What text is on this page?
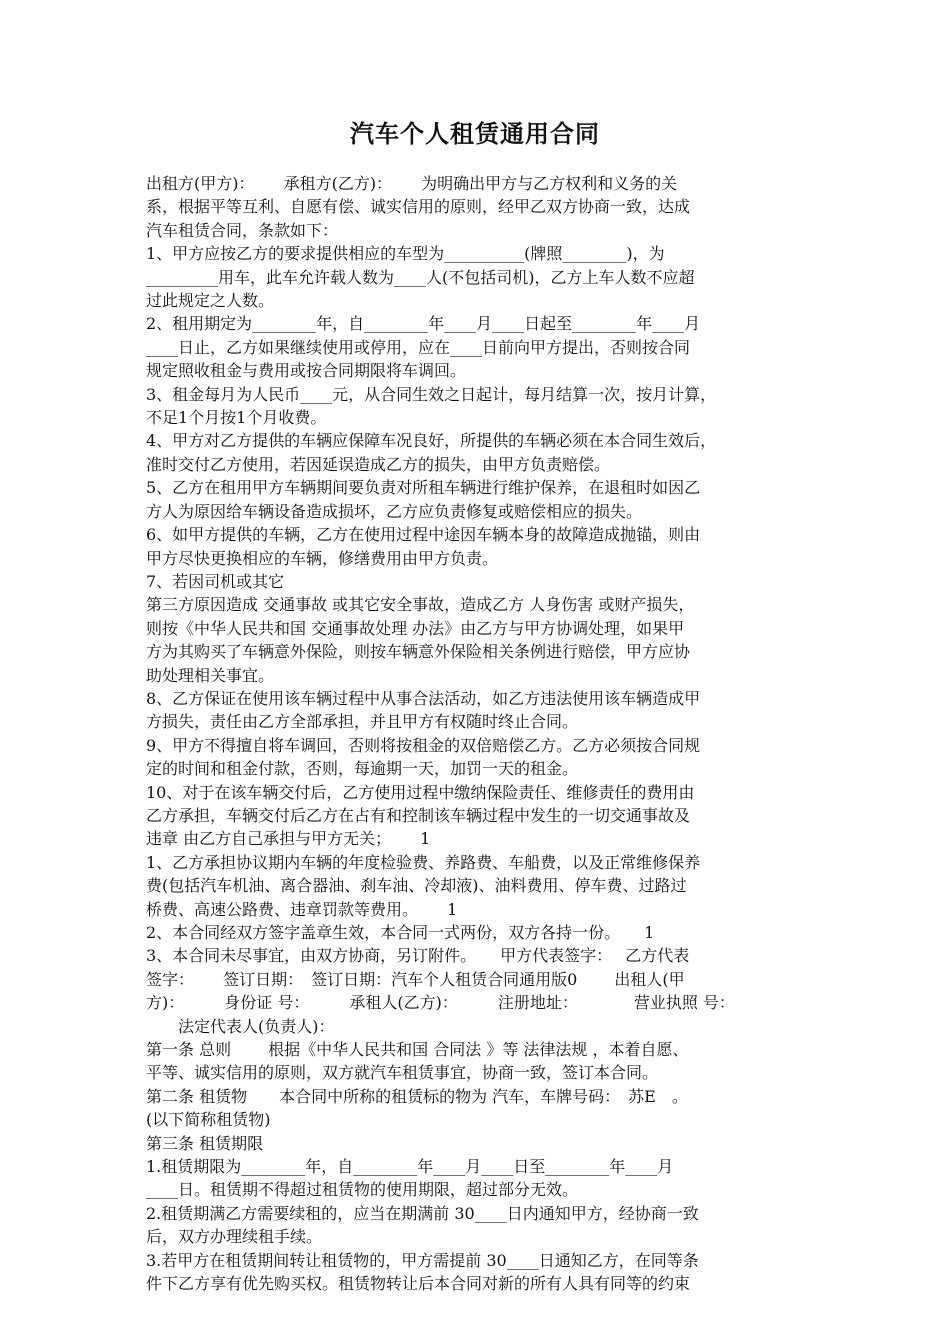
汽车个人租赁通用合同

出租方(甲方)：　　 承租方(乙方)：　　 为明确出甲方与乙方权利和义务的关

系，根据平等互利、自愿有偿、诚实信用的原则，经甲乙双方协商一致，达成

汽车租赁合同，条款如下：

1、甲方应按乙方的要求提供相应的车型为__________(牌照________)，为

_________用车，此车允许载人数为____人(不包括司机)，乙方上车人数不应超

过此规定之人数。

2、租用期定为________年，自________年____月____日起至________年____月

____日止，乙方如果继续使用或停用，应在____日前向甲方提出，否则按合同

规定照收租金与费用或按合同期限将车调回。

3、租金每月为人民币____元，从合同生效之日起计，每月结算一次，按月计算，

不足1个月按1个月收费。

4、甲方对乙方提供的车辆应保障车况良好，所提供的车辆必须在本合同生效后，

准时交付乙方使用，若因延误造成乙方的损失，由甲方负责赔偿。

5、乙方在租用甲方车辆期间要负责对所租车辆进行维护保养，在退租时如因乙

方人为原因给车辆设备造成损坏，乙方应负责修复或赔偿相应的损失。

6、如甲方提供的车辆，乙方在使用过程中途因车辆本身的故障造成抛锚，则由

甲方尽快更换相应的车辆，修缮费用由甲方负责。

7、若因司机或其它

第三方原因造成 交通事故 或其它安全事故，造成乙方 人身伤害 或财产损失，

则按《中华人民共和国 交通事故处理 办法》由乙方与甲方协调处理，如果甲

方为其购买了车辆意外保险，则按车辆意外保险相关条例进行赔偿，甲方应协

助处理相关事宜。

8、乙方保证在使用该车辆过程中从事合法活动，如乙方违法使用该车辆造成甲

方损失，责任由乙方全部承担，并且甲方有权随时终止合同。

9、甲方不得擅自将车调回，否则将按租金的双倍赔偿乙方。乙方必须按合同规

定的时间和租金付款，否则，每逾期一天，加罚一天的租金。

10、对于在该车辆交付后，乙方使用过程中缴纳保险责任、维修责任的费用由

乙方承担，车辆交付后乙方在占有和控制该车辆过程中发生的一切交通事故及

违章 由乙方自己承担与甲方无关；　　 1

1、乙方承担协议期内车辆的年度检验费、养路费、车船费，以及正常维修保养

费(包括汽车机油、离合器油、刹车油、冷却液)、油料费用、停车费、过路过

桥费、高速公路费、违章罚款等费用。　　 1

2、本合同经双方签字盖章生效，本合同一式两份，双方各持一份。　　1

3、本合同未尽事宜，由双方协商，另订附件。　　甲方代表签字：　 乙方代表

签字：　　 签订日期：　签订日期：汽车个人租赁合同通用版0　　 出租人(甲

方)：　　　身份证 号：　　　承租人(乙方)：　　　注册地址：　　　　营业执照 号：

　　法定代表人(负责人)：

第一条 总则　　 根据《中华人民共和国 合同法 》等 法律法规 ，本着自愿、

平等、诚实信用的原则，双方就汽车租赁事宜，协商一致，签订本合同。

第二条 租赁物　　本合同中所称的租赁标的物为 汽车，车牌号码：　苏E　。

(以下简称租赁物)

第三条 租赁期限

1.租赁期限为________年，自________年____月____日至________年____月

____日。租赁期不得超过租赁物的使用期限，超过部分无效。

2.租赁期满乙方需要续租的，应当在期满前 30____日内通知甲方，经协商一致

后，双方办理续租手续。

3.若甲方在租赁期间转让租赁物的，甲方需提前 30____日通知乙方，在同等条

件下乙方享有优先购买权。租赁物转让后本合同对新的所有人具有同等的约束
